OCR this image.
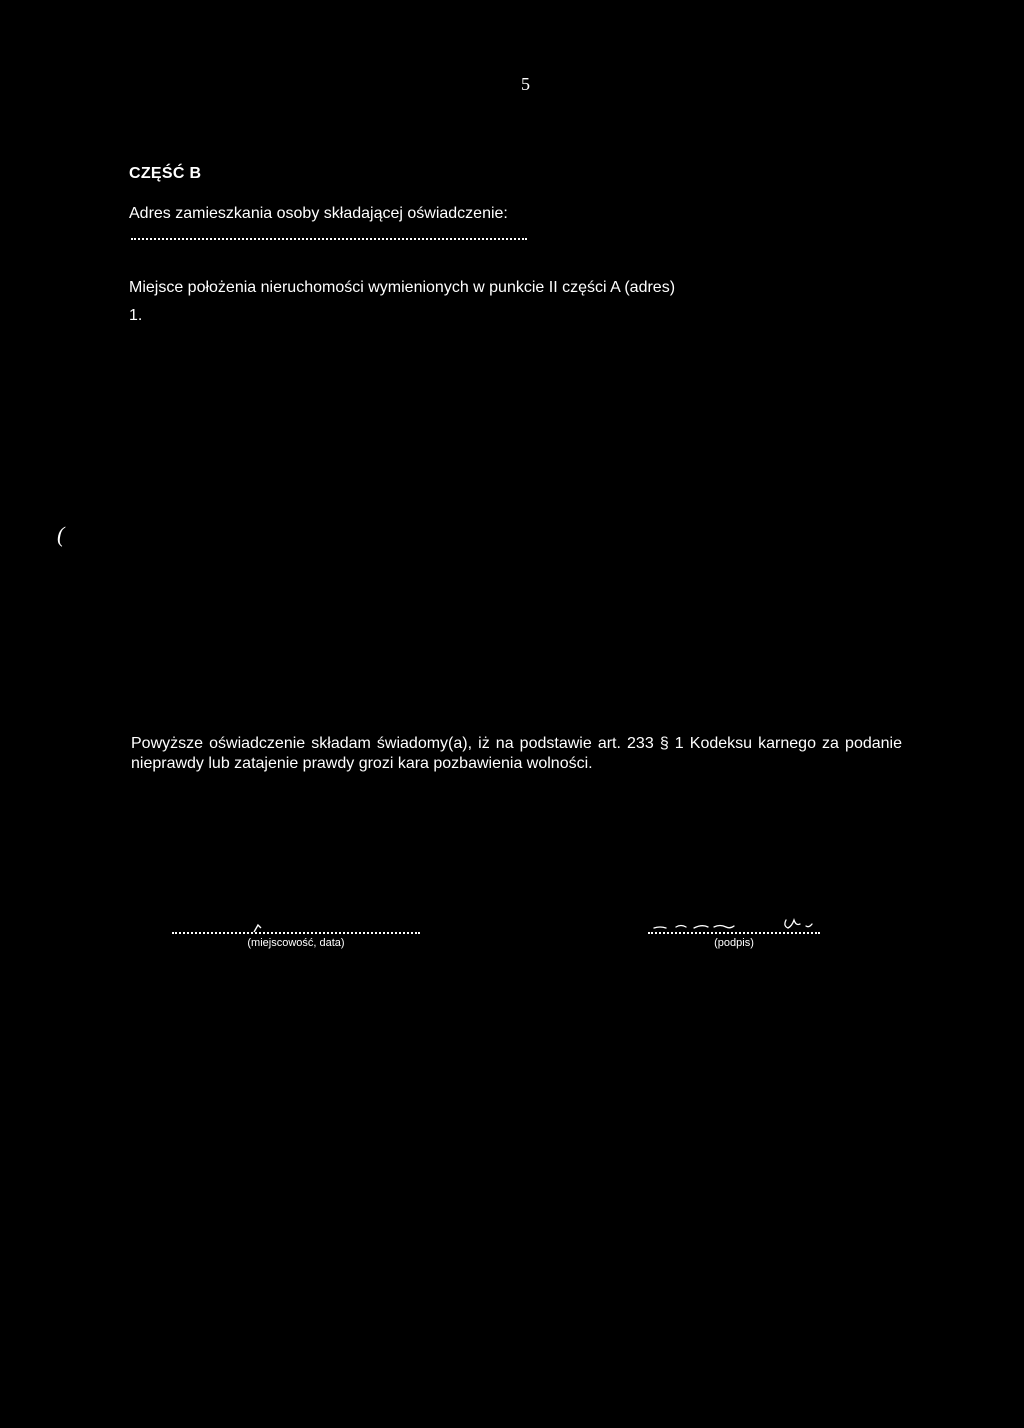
5
CZĘŚĆ B
Adres zamieszkania osoby składającej oświadczenie:
Miejsce położenia nieruchomości wymienionych w punkcie II części A (adres)
1.
(
Powyższe oświadczenie składam świadomy(a), iż na podstawie art. 233 § 1 Kodeksu karnego za podanie nieprawdy lub zatajenie prawdy grozi kara pozbawienia wolności.
(miejscowość, data)	(podpis)
